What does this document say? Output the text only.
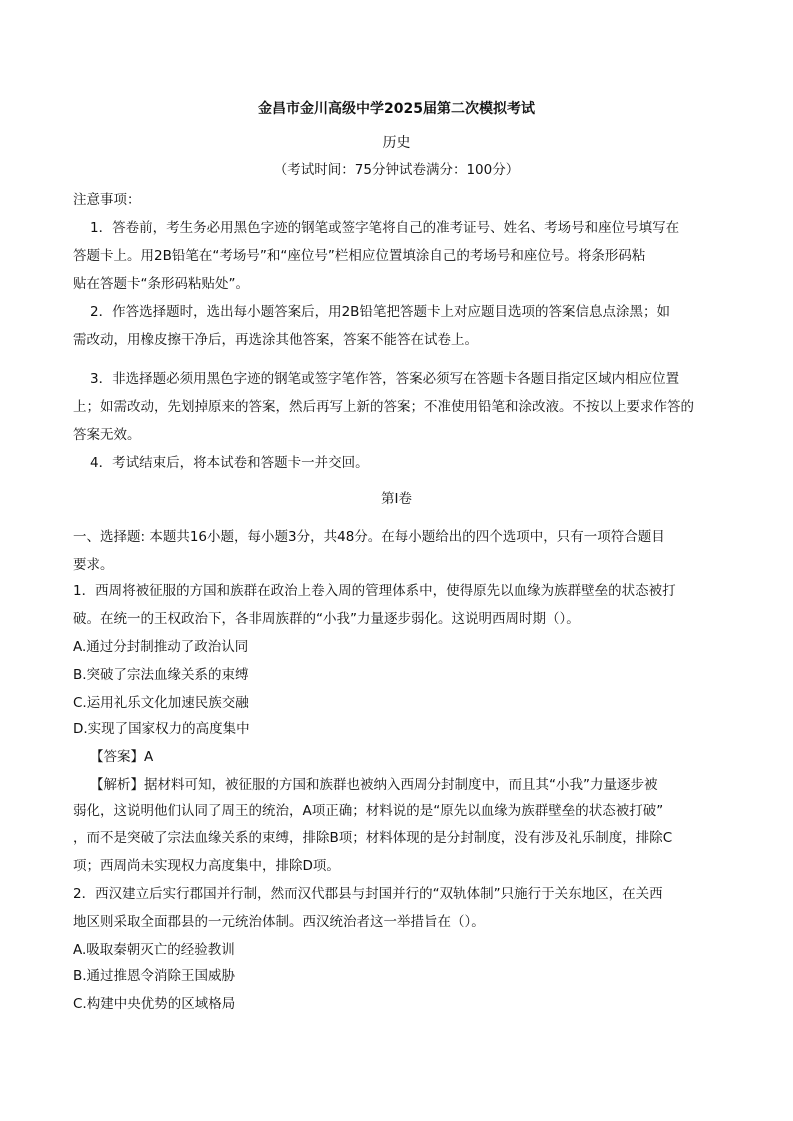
金昌市金川高级中学2025届第二次模拟考试
历史
（考试时间：75分钟试卷满分：100分）
注意事项：
1．答卷前，考生务必用黑色字迹的钢笔或签字笔将自己的准考证号、姓名、考场号和座位号填写在
答题卡上。用2B铅笔在“考场号”和“座位号”栏相应位置填涂自己的考场号和座位号。将条形码粘
贴在答题卡“条形码粘贴处”。
2．作答选择题时，选出每小题答案后，用2B铅笔把答题卡上对应题目选项的答案信息点涂黑；如
需改动，用橡皮擦干净后，再选涂其他答案，答案不能答在试卷上。
3．非选择题必须用黑色字迹的钢笔或签字笔作答，答案必须写在答题卡各题目指定区域内相应位置
上；如需改动，先划掉原来的答案，然后再写上新的答案；不准使用铅笔和涂改液。不按以上要求作答的
答案无效。
4．考试结束后，将本试卷和答题卡一并交回。
第I卷
一、选择题: 本题共16小题，每小题3分，共48分。在每小题给出的四个选项中，只有一项符合题目
要求。
1．西周将被征服的方国和族群在政治上卷入周的管理体系中，使得原先以血缘为族群壁垒的状态被打
破。在统一的王权政治下，各非周族群的“小我”力量逐步弱化。这说明西周时期（）。
A.通过分封制推动了政治认同
B.突破了宗法血缘关系的束缚
C.运用礼乐文化加速民族交融
D.实现了国家权力的高度集中
【答案】A
【解析】据材料可知，被征服的方国和族群也被纳入西周分封制度中，而且其“小我”力量逐步被
弱化，这说明他们认同了周王的统治，A项正确；材料说的是“原先以血缘为族群壁垒的状态被打破”
，而不是突破了宗法血缘关系的束缚，排除B项；材料体现的是分封制度，没有涉及礼乐制度，排除C
项；西周尚未实现权力高度集中，排除D项。
2．西汉建立后实行郡国并行制，然而汉代郡县与封国并行的“双轨体制”只施行于关东地区，在关西
地区则采取全面郡县的一元统治体制。西汉统治者这一举措旨在（）。
A.吸取秦朝灭亡的经验教训
B.通过推恩令消除王国威胁
C.构建中央优势的区域格局
